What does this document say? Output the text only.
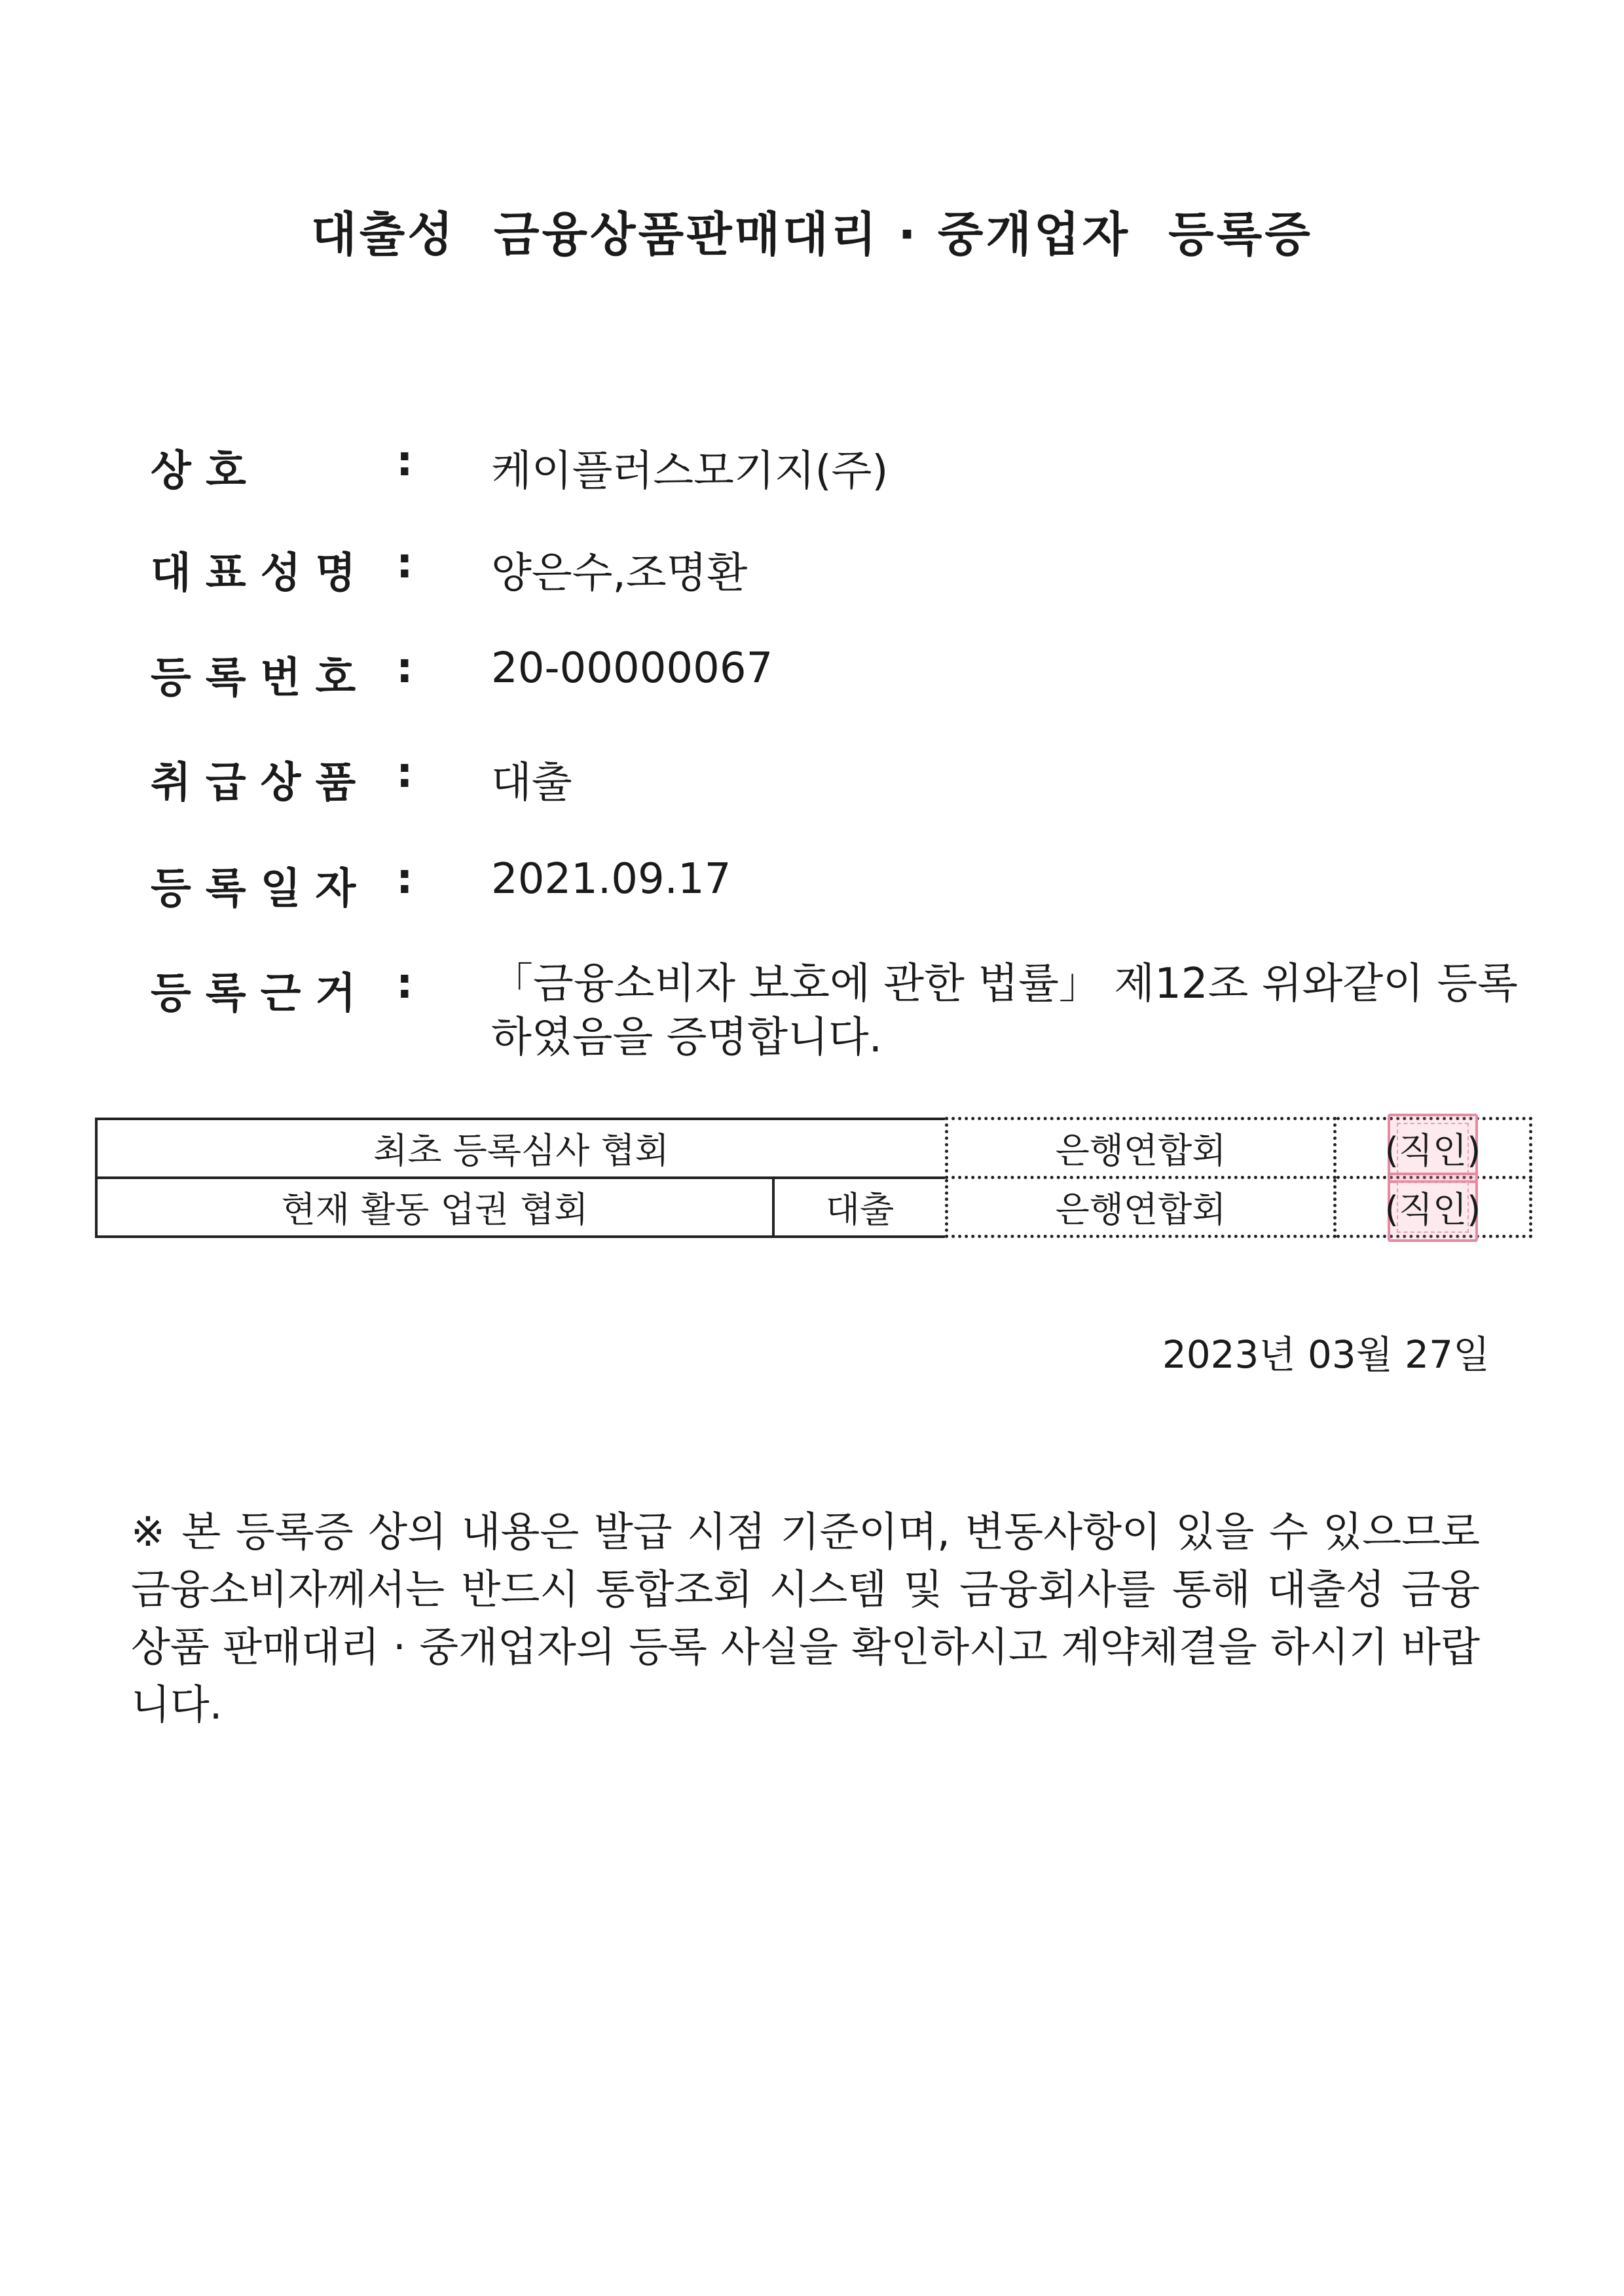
대출성  금융상품판매대리 · 중개업자  등록증
상 호	: 케이플러스모기지(주)
대표성명 : 양은수,조명환
등록번호 : 20-00000067
취급상품 : 대출
등록일자 : 2021.09.17
등록근거 : 「금융소비자 보호에 관한 법률」 제12조 위와같이 등록하였음을 증명합니다.
최초 등록심사 협회		은행연합회	(직인)
현재 활동 업권 협회	대출	은행연합회	(직인)
2023년 03월 27일
※ 본 등록증 상의 내용은 발급 시점 기준이며, 변동사항이 있을 수 있으므로 금융소비자께서는 반드시 통합조회 시스템 및 금융회사를 통해 대출성 금융상품 판매대리 · 중개업자의 등록 사실을 확인하시고 계약체결을 하시기 바랍니다.
